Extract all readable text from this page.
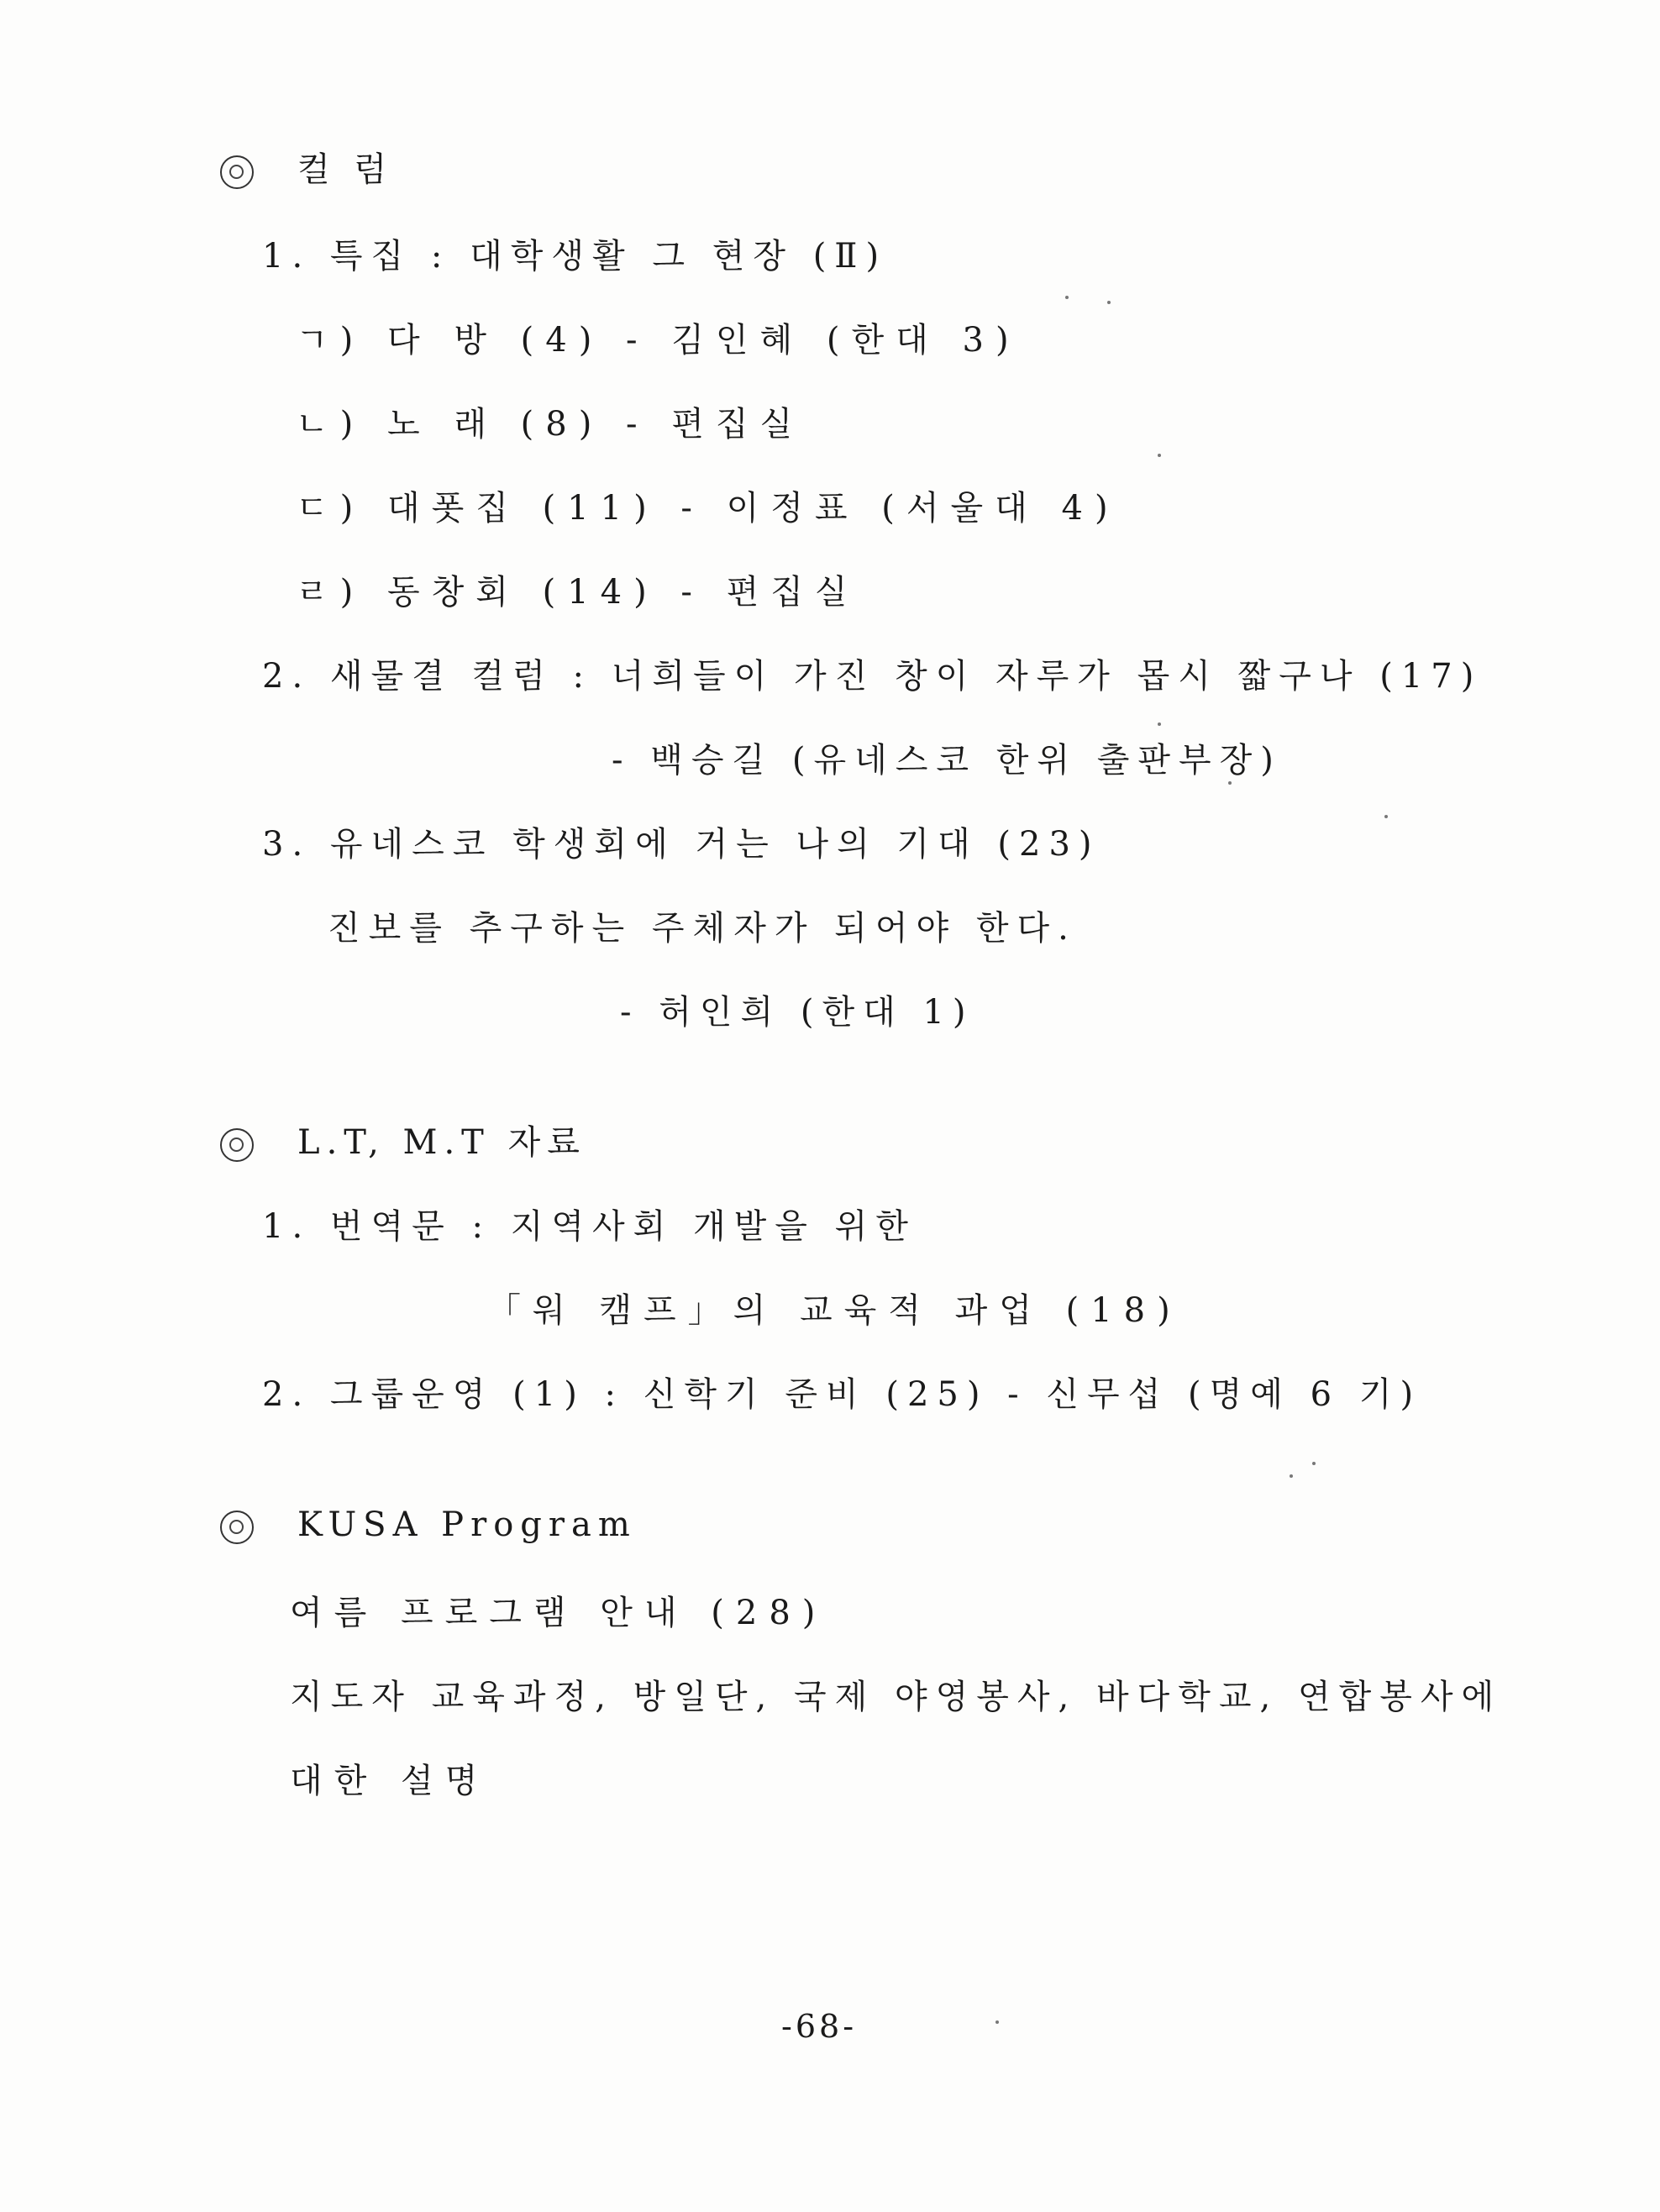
컬 럼
1. 특집 : 대학생활 그 현장 (Ⅱ)
ㄱ) 다 방 (4) - 김인혜 (한대 3)
ㄴ) 노 래 (8) - 편집실
ㄷ) 대폿집 (11) - 이정표 (서울대 4)
ㄹ) 동창회 (14) - 편집실
2. 새물결 컬럼 : 너희들이 가진 창이 자루가 몹시 짧구나 (17)
- 백승길 (유네스코 한위 출판부장)
3. 유네스코 학생회에 거는 나의 기대 (23)
진보를 추구하는 주체자가 되어야 한다.
- 허인희 (한대 1)
L.T, M.T 자료
1. 번역문 : 지역사회 개발을 위한
「워 캠프」의 교육적 과업 (18)
2. 그룹운영 (1) : 신학기 준비 (25) - 신무섭 (명예 6 기)
KUSA Program
여름 프로그램 안내 (28)
지도자 교육과정, 방일단, 국제 야영봉사, 바다학교, 연합봉사에
대한 설명
-68-
